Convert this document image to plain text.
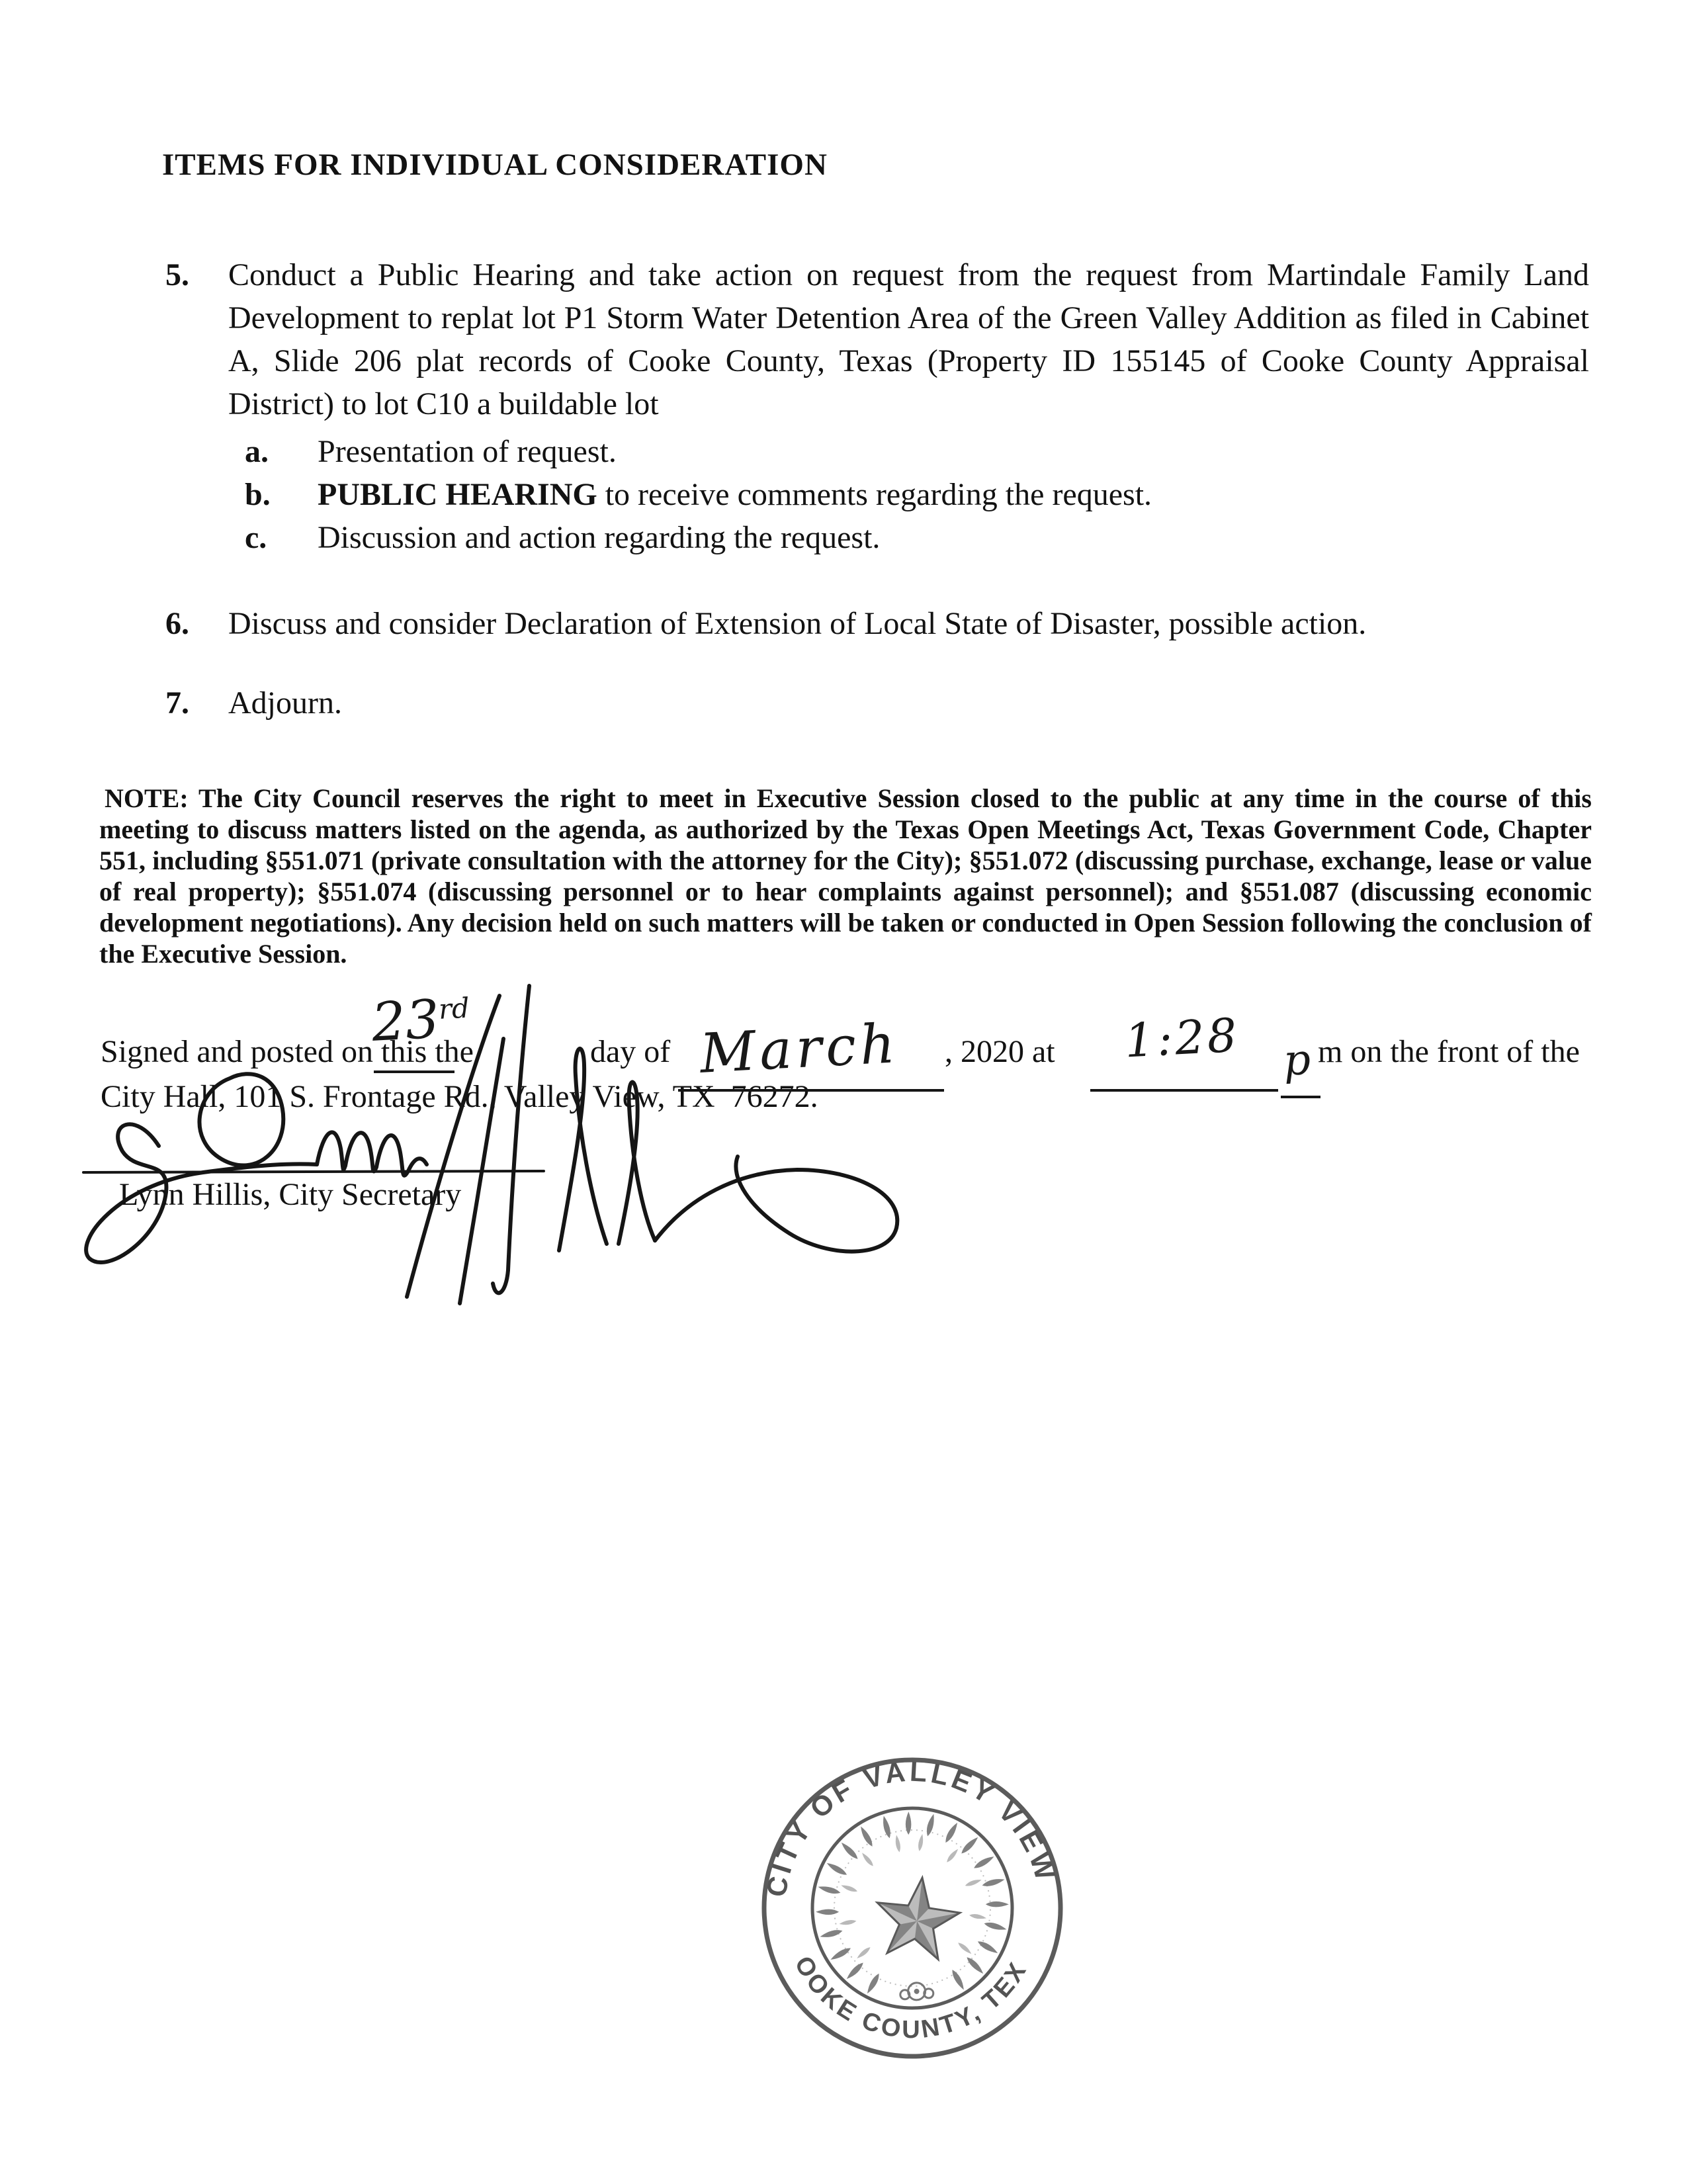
ITEMS FOR INDIVIDUAL CONSIDERATION
5.	Conduct a Public Hearing and take action on request from the request from Martindale Family Land Development to replat lot P1 Storm Water Detention Area of the Green Valley Addition as filed in Cabinet A, Slide 206 plat records of Cooke County, Texas (Property ID 155145 of Cooke County Appraisal District) to lot C10 a buildable lot
a.	Presentation of request.
b.	PUBLIC HEARING to receive comments regarding the request.
c.	Discussion and action regarding the request.
6.	Discuss and consider Declaration of Extension of Local State of Disaster, possible action.
7.	Adjourn.
NOTE: The City Council reserves the right to meet in Executive Session closed to the public at any time in the course of this meeting to discuss matters listed on the agenda, as authorized by the Texas Open Meetings Act, Texas Government Code, Chapter 551, including §551.071 (private consultation with the attorney for the City); §551.072 (discussing purchase, exchange, lease or value of real property); §551.074 (discussing personnel or to hear complaints against personnel); and §551.087 (discussing economic development negotiations). Any decision held on such matters will be taken or conducted in Open Session following the conclusion of the Executive Session.
Signed and posted on this the	day of	, 2020 at	m on the front of the
City Hall, 101 S. Frontage Rd., Valley View, TX  76272.
23rd
March	1:28 p
Lynn Hillis, City Secretary
CITY OF VALLEY VIEW
COOKE COUNTY, TEXAS
